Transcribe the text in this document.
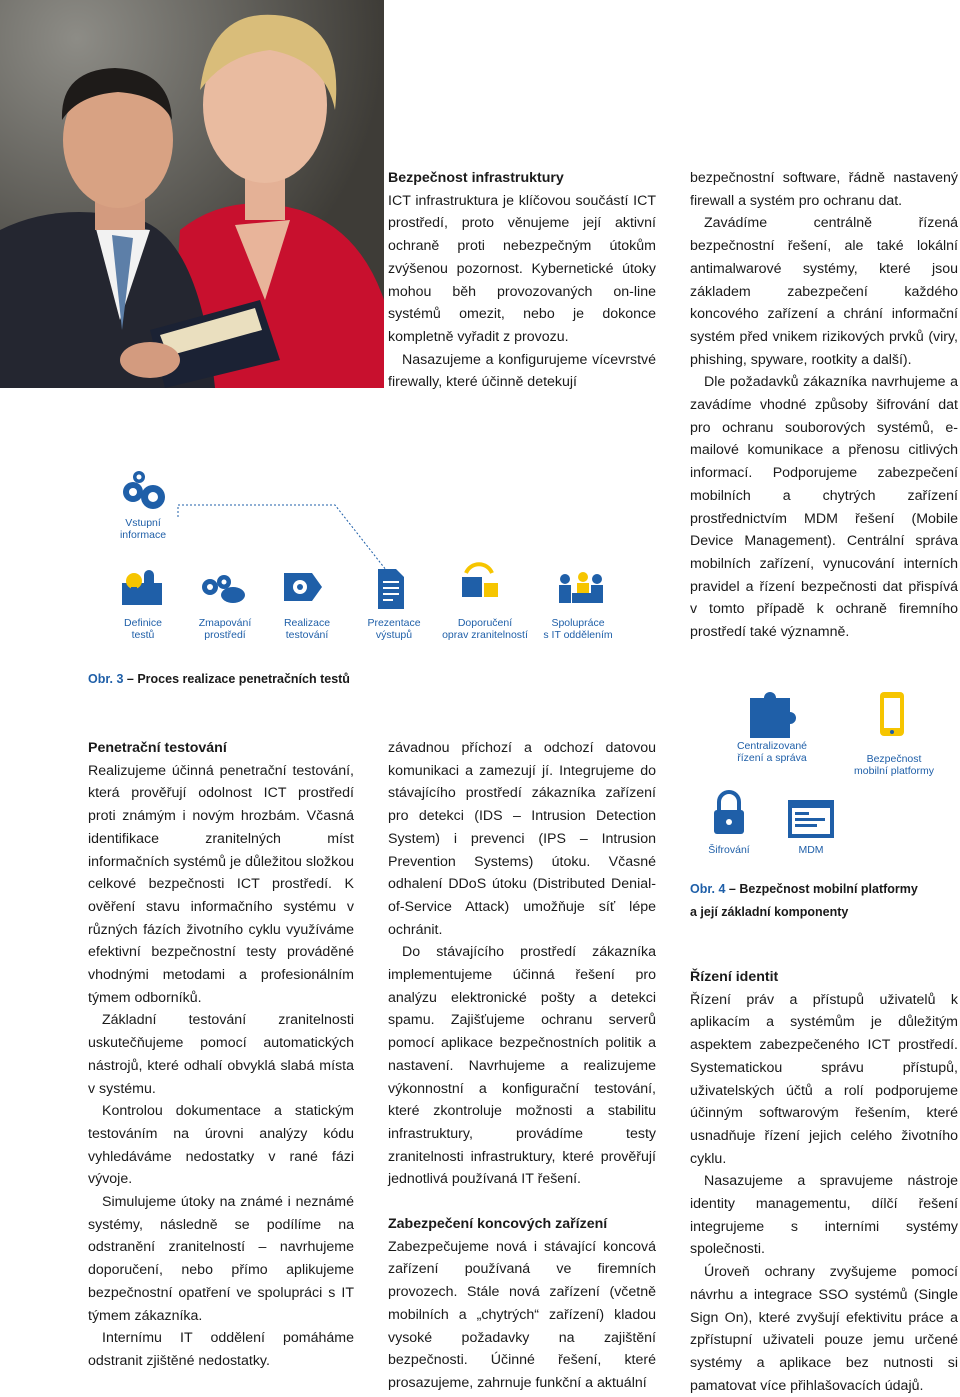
Bezpečnost infrastruktury

ICT infrastruktura je klíčovou součástí ICT prostředí, proto věnujeme její aktivní ochraně proti nebezpečným útokům zvýšenou pozornost. Kybernetické útoky mohou běh provozovaných on-line systémů omezit, nebo je dokonce kompletně vyřadit z provozu.

Nasazujeme a konfigurujeme vícevrstvé firewally, které účinně detekují

bezpečnostní software, řádně nastavený firewall a systém pro ochranu dat.

Zavádíme centrálně řízená bezpečnostní řešení, ale také lokální antimalwarové systémy, které jsou základem zabezpečení každého koncového zařízení a chrání informační systém před vnikem rizikových prvků (viry, phishing, spyware, rootkity a další).

Dle požadavků zákazníka navrhujeme a zavádíme vhodné způsoby šifrování dat pro ochranu souborových systémů, e-mailové komunikace a přenosu citlivých informací. Podporujeme zabezpečení mobilních a chytrých zařízení prostřednictvím MDM řešení (Mobile Device Management). Centrální správa mobilních zařízení, vynucování interních pravidel a řízení bezpečnosti dat přispívá v tomto případě k ochraně firemního prostředí také významně.

Vstupní
informace
Definice
testů
Zmapování
prostředí
Realizace
testování
Prezentace
výstupů
Doporučení
oprav zranitelností
Spolupráce
s IT oddělením
Obr. 3 – Proces realizace penetračních testů
Penetrační testování

Realizujeme účinná penetrační testování, která prověřují odolnost ICT prostředí proti známým i novým hrozbám. Včasná identifikace zranitelných míst informačních systémů je důležitou složkou celkové bezpečnosti ICT prostředí. K ověření stavu informačního systému v různých fázích životního cyklu využíváme efektivní bezpečnostní testy prováděné vhodnými metodami a profesionálním týmem odborníků.

Základní testování zranitelnosti uskutečňujeme pomocí automatických nástrojů, které odhalí obvyklá slabá místa v systému.

Kontrolou dokumentace a statickým testováním na úrovni analýzy kódu vyhledáváme nedostatky v rané fázi vývoje.

Simulujeme útoky na známé i neznámé systémy, následně se podílíme na odstranění zranitelností – navrhujeme doporučení, nebo přímo aplikujeme bezpečnostní opatření ve spolupráci s IT týmem zákazníka.

Internímu IT oddělení pomáháme odstranit zjištěné nedostatky.

závadnou příchozí a odchozí datovou komunikaci a zamezují jí. Integrujeme do stávajícího prostředí zákazníka zařízení pro detekci (IDS – Intrusion Detection System) i prevenci (IPS – Intrusion Prevention Systems) útoku. Včasné odhalení DDoS útoku (Distributed Denial-of-Service Attack) umožňuje síť lépe ochránit.

Do stávajícího prostředí zákazníka implementujeme účinná řešení pro analýzu elektronické pošty a detekci spamu. Zajišťujeme ochranu serverů pomocí aplikace bezpečnostních politik a nastavení. Navrhujeme a realizujeme výkonnostní a konfigurační testování, které zkontroluje možnosti a stabilitu infrastruktury, provádíme testy zranitelnosti infrastruktury, které prověřují jednotlivá používaná IT řešení.

Zabezpečení koncových zařízení

Zabezpečujeme nová i stávající koncová zařízení používaná ve firemních provozech. Stále nová zařízení (včetně mobilních a „chytrých“ zařízení) kladou vysoké požadavky na zajištění bezpečnosti. Účinné řešení, které prosazujeme, zahrnuje funkční a aktuální

Centralizované
řízení a správa	Bezpečnost
mobilní platformy
Šifrování	MDM
Obr. 4 – Bezpečnost mobilní platformy
a její základní komponenty
Řízení identit

Řízení práv a přístupů uživatelů k aplikacím a systémům je důležitým aspektem zabezpečeného ICT prostředí. Systematickou správu přístupů, uživatelských účtů a rolí podporujeme účinným softwarovým řešením, které usnadňuje řízení jejich celého životního cyklu.

Nasazujeme a spravujeme nástroje identity managementu, dílčí řešení integrujeme s interními systémy společnosti.

Úroveň ochrany zvyšujeme pomocí návrhu a integrace SSO systémů (Single Sign On), které zvyšují efektivitu práce a zpřístupní uživateli pouze jemu určené systémy a aplikace bez nutnosti si pamatovat více přihlašovacích údajů.
